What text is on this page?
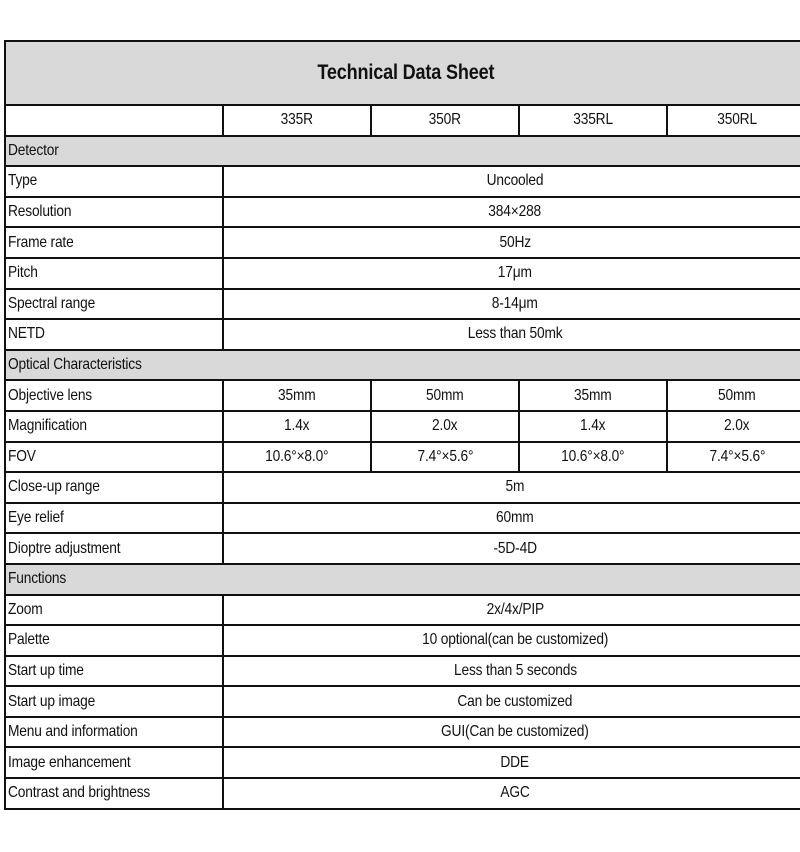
Technical Data Sheet				
	335R	350R	335RL	350RL
Detector				
Type	Uncooled			
Resolution	384×288			
Frame rate	50Hz			
Pitch	17μm			
Spectral range	8-14μm			
NETD	Less than 50mk			
Optical Characteristics				
Objective lens	35mm	50mm	35mm	50mm
Magnification	1.4x	2.0x	1.4x	2.0x
FOV	10.6°×8.0°	7.4°×5.6°	10.6°×8.0°	7.4°×5.6°
Close-up range	5m			
Eye relief	60mm			
Dioptre adjustment	-5D-4D			
Functions				
Zoom	2x/4x/PIP			
Palette	10 optional(can be customized)			
Start up time	Less than 5 seconds			
Start up image	Can be customized			
Menu and information	GUI(Can be customized)			
Image enhancement	DDE			
Contrast and brightness	AGC			
